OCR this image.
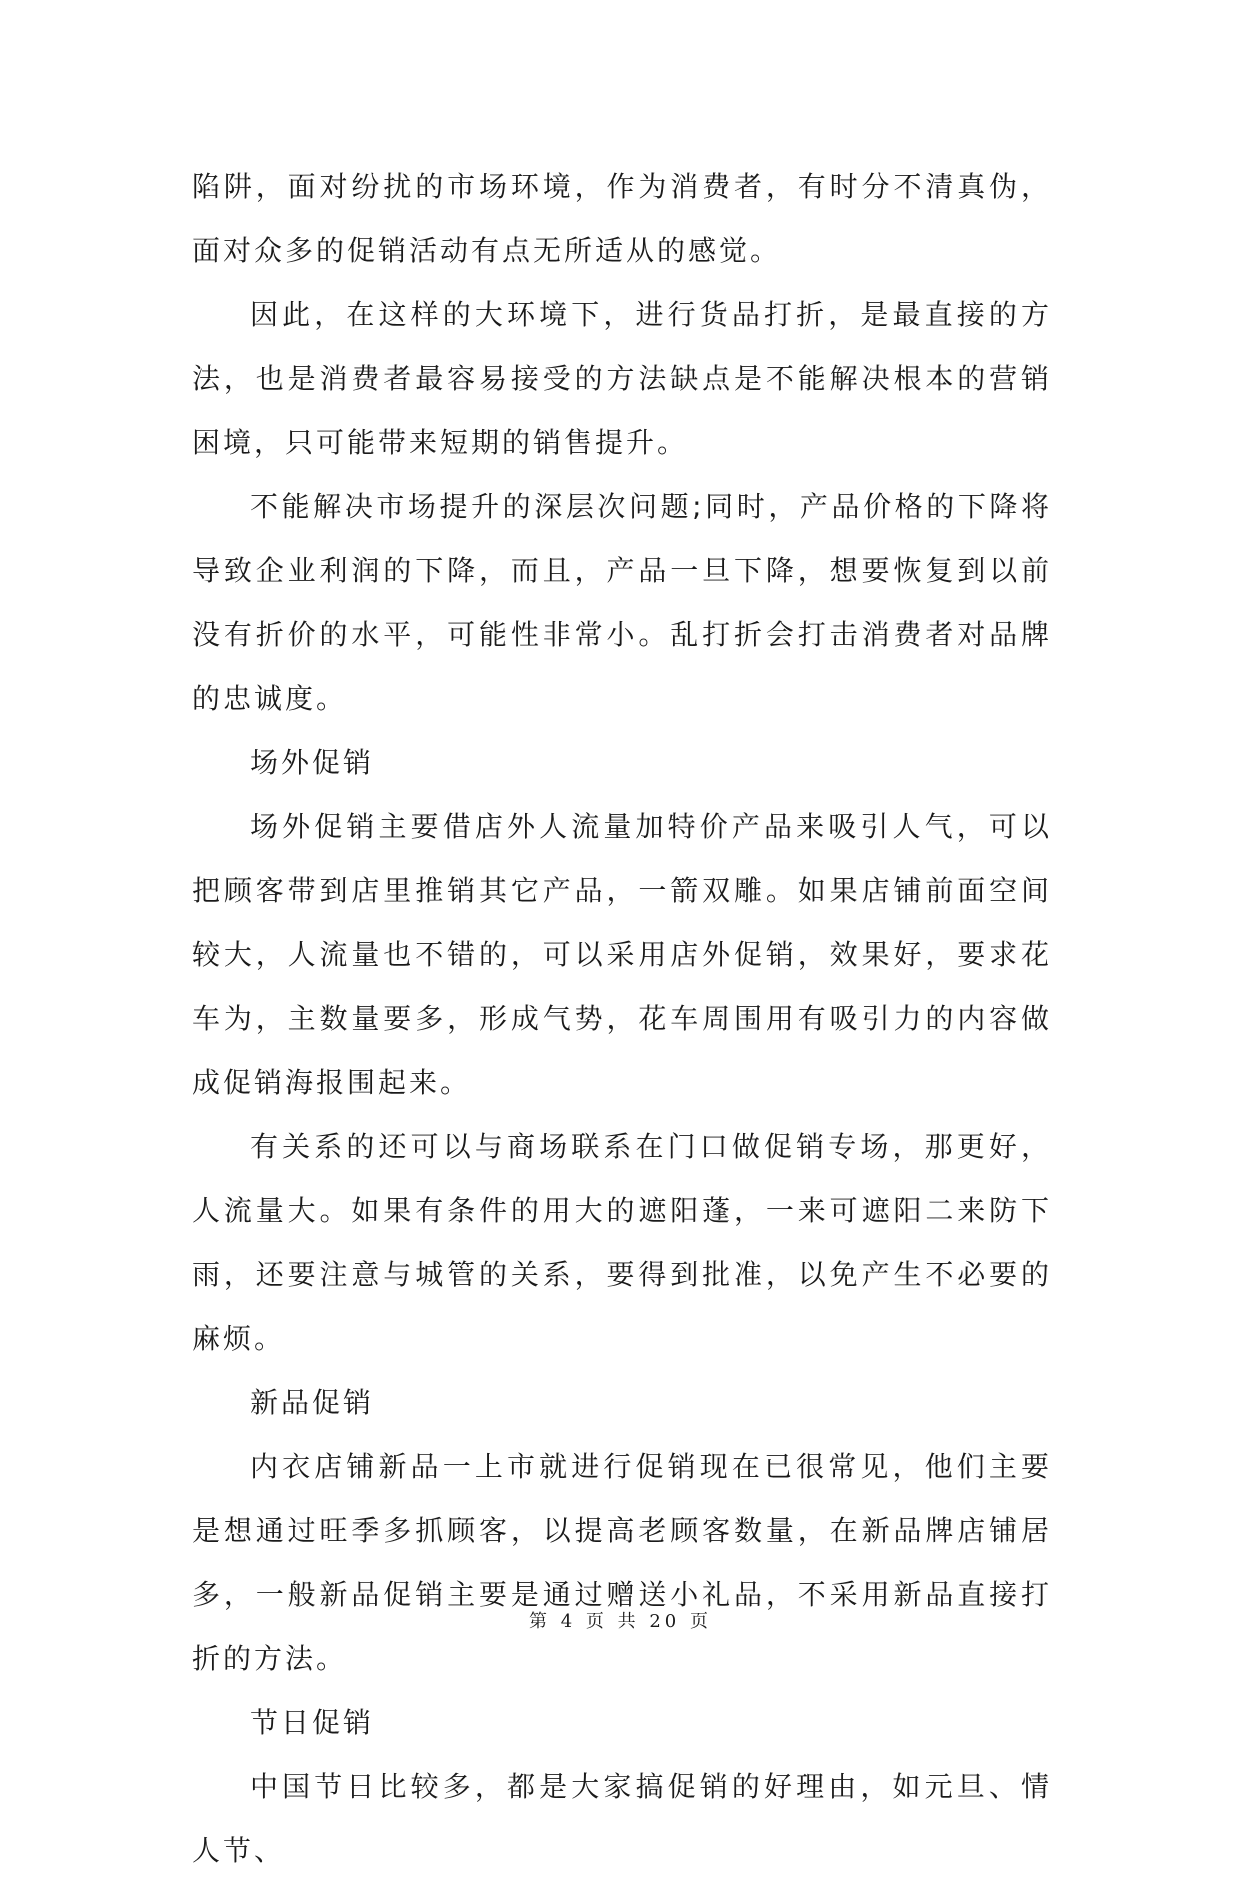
陷阱，面对纷扰的市场环境，作为消费者，有时分不清真伪，面对众多的促销活动有点无所适从的感觉。

因此，在这样的大环境下，进行货品打折，是最直接的方法，也是消费者最容易接受的方法缺点是不能解决根本的营销困境，只可能带来短期的销售提升。

不能解决市场提升的深层次问题;同时，产品价格的下降将导致企业利润的下降，而且，产品一旦下降，想要恢复到以前没有折价的水平，可能性非常小。乱打折会打击消费者对品牌的忠诚度。

场外促销

场外促销主要借店外人流量加特价产品来吸引人气，可以把顾客带到店里推销其它产品，一箭双雕。如果店铺前面空间较大，人流量也不错的，可以采用店外促销，效果好，要求花车为，主数量要多，形成气势，花车周围用有吸引力的内容做成促销海报围起来。

有关系的还可以与商场联系在门口做促销专场，那更好，人流量大。如果有条件的用大的遮阳蓬，一来可遮阳二来防下雨，还要注意与城管的关系，要得到批准，以免产生不必要的麻烦。

新品促销

内衣店铺新品一上市就进行促销现在已很常见，他们主要是想通过旺季多抓顾客，以提高老顾客数量，在新品牌店铺居多，一般新品促销主要是通过赠送小礼品，不采用新品直接打折的方法。

节日促销

中国节日比较多，都是大家搞促销的好理由，如元旦、情人节、

第 4 页 共 20 页
